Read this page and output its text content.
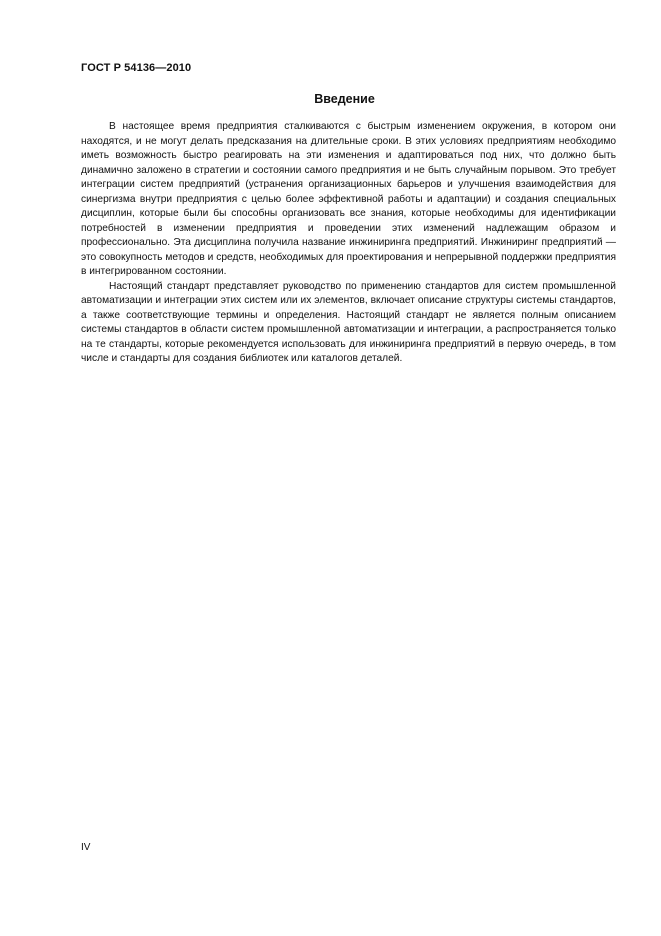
ГОСТ Р 54136—2010
Введение

В настоящее время предприятия сталкиваются с быстрым изменением окружения, в котором они находятся, и не могут делать предсказания на длительные сроки. В этих условиях предприятиям необходимо иметь возможность быстро реагировать на эти изменения и адаптироваться под них, что должно быть динамично заложено в стратегии и состоянии самого предприятия и не быть случайным порывом. Это требует интеграции систем предприятий (устранения организационных барьеров и улучшения взаимодействия для синергизма внутри предприятия с целью более эффективной работы и адаптации) и создания специальных дисциплин, которые были бы способны организовать все знания, которые необходимы для идентификации потребностей в изменении предприятия и проведении этих изменений надлежащим образом и профессионально. Эта дисциплина получила название инжиниринга предприятий. Инжиниринг предприятий — это совокупность методов и средств, необходимых для проектирования и непрерывной поддержки предприятия в интегрированном состоянии.

Настоящий стандарт представляет руководство по применению стандартов для систем промышленной автоматизации и интеграции этих систем или их элементов, включает описание структуры системы стандартов, а также соответствующие термины и определения. Настоящий стандарт не является полным описанием системы стандартов в области систем промышленной автоматизации и интеграции, а распространяется только на те стандарты, которые рекомендуется использовать для инжиниринга предприятий в первую очередь, в том числе и стандарты для создания библиотек или каталогов деталей.

IV
